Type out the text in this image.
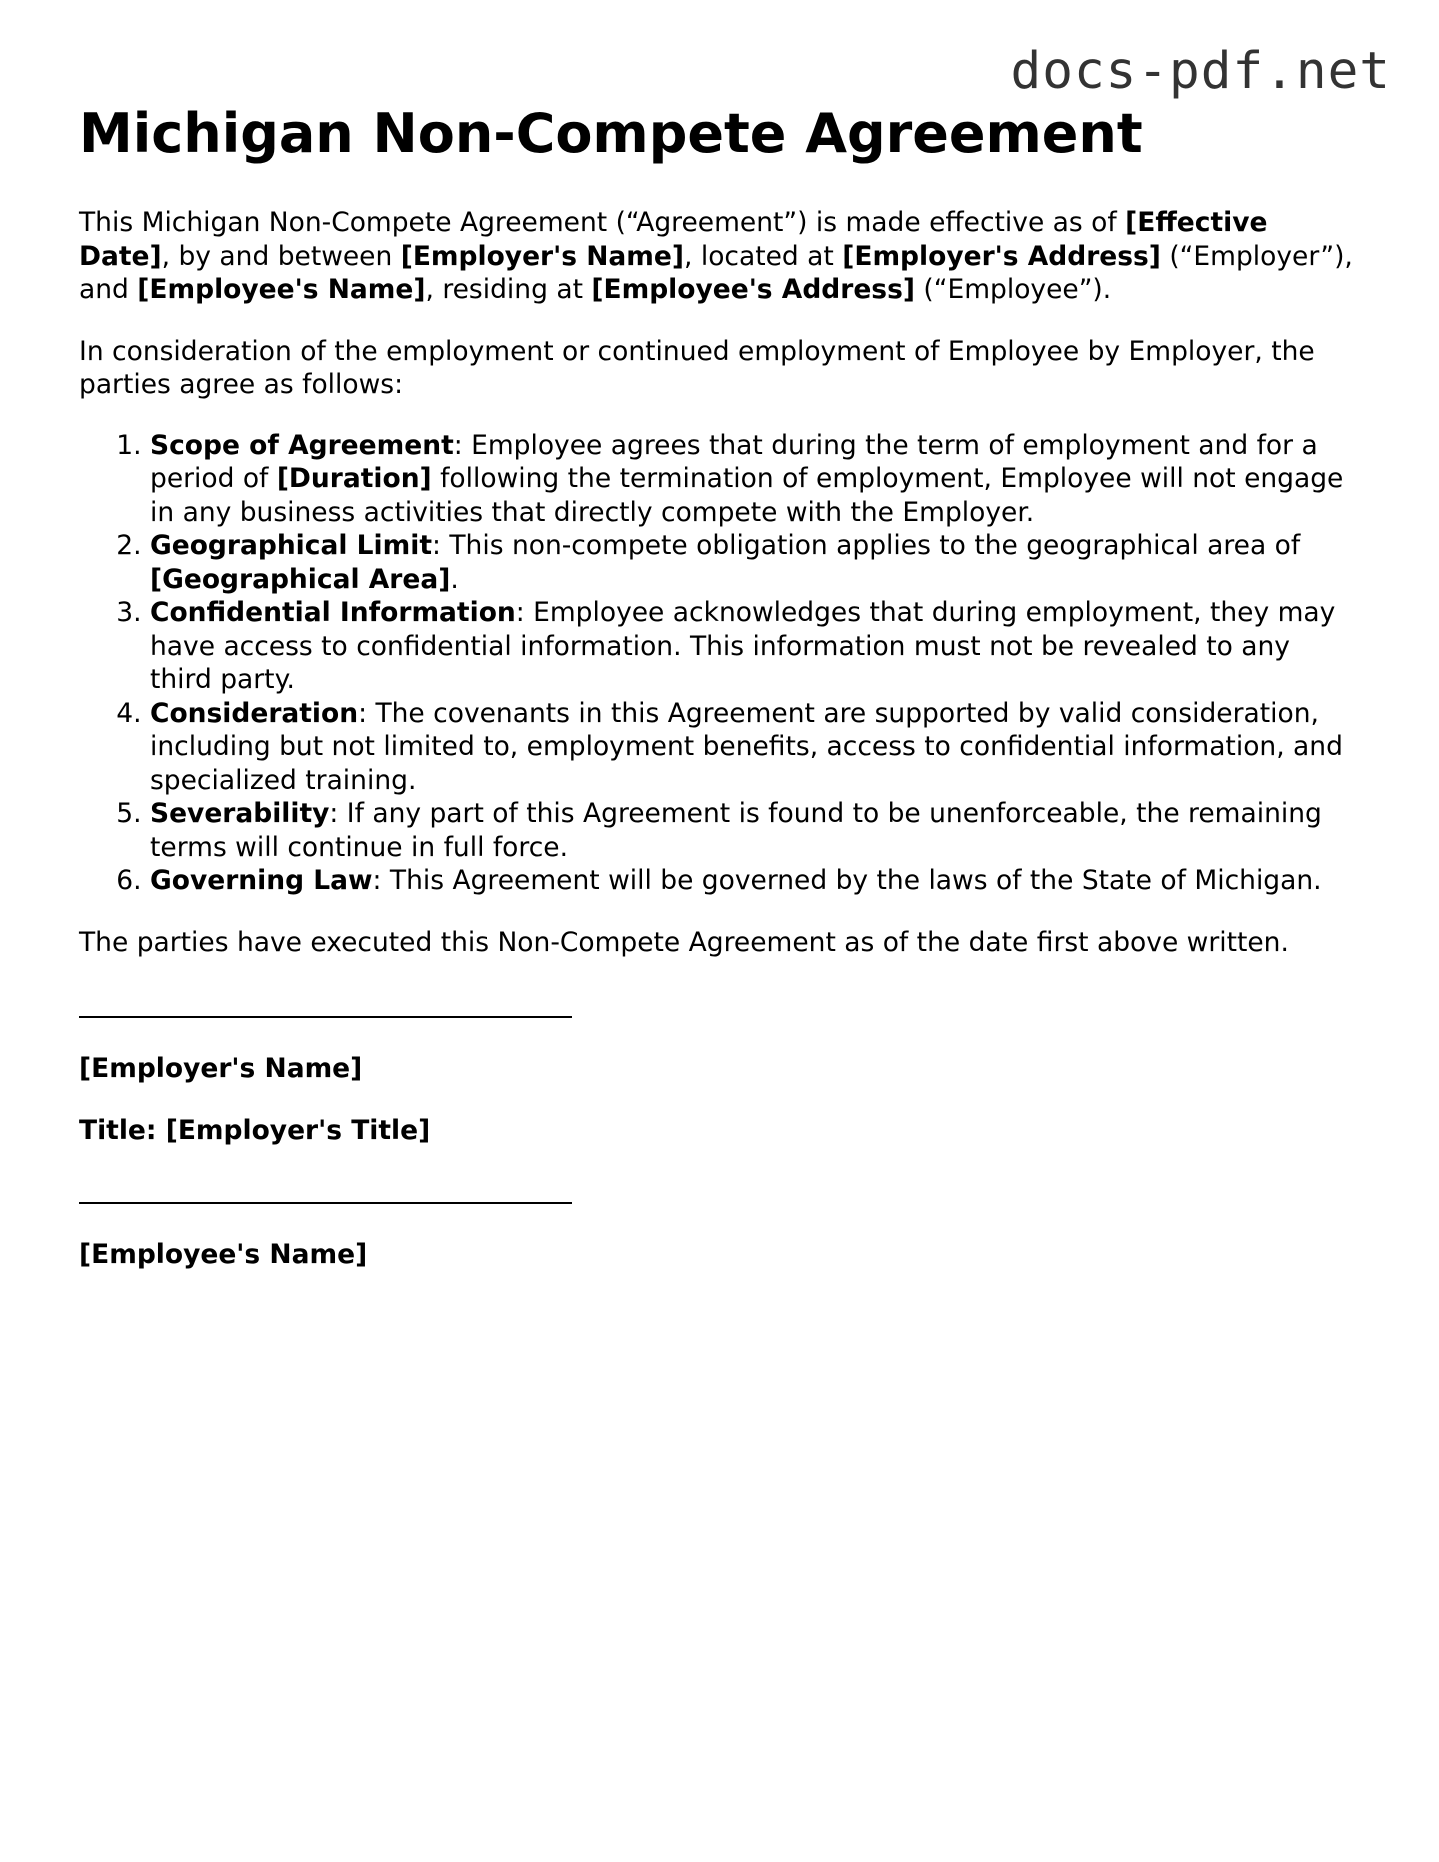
docs-pdf.net
Michigan Non-Compete Agreement

This Michigan Non-Compete Agreement (“Agreement”) is made effective as of [Effective Date], by and between [Employer's Name], located at [Employer's Address] (“Employer”), and [Employee's Name], residing at [Employee's Address] (“Employee”).

In consideration of the employment or continued employment of Employee by Employer, the parties agree as follows:

1. Scope of Agreement: Employee agrees that during the term of employment and for a period of [Duration] following the termination of employment, Employee will not engage in any business activities that directly compete with the Employer.
2. Geographical Limit: This non-compete obligation applies to the geographical area of [Geographical Area].
3. Confidential Information: Employee acknowledges that during employment, they may have access to confidential information. This information must not be revealed to any third party.
4. Consideration: The covenants in this Agreement are supported by valid consideration, including but not limited to, employment benefits, access to confidential information, and specialized training.
5. Severability: If any part of this Agreement is found to be unenforceable, the remaining terms will continue in full force.
6. Governing Law: This Agreement will be governed by the laws of the State of Michigan.

The parties have executed this Non-Compete Agreement as of the date first above written.

[Employer's Name]

Title: [Employer's Title]

[Employee's Name]
